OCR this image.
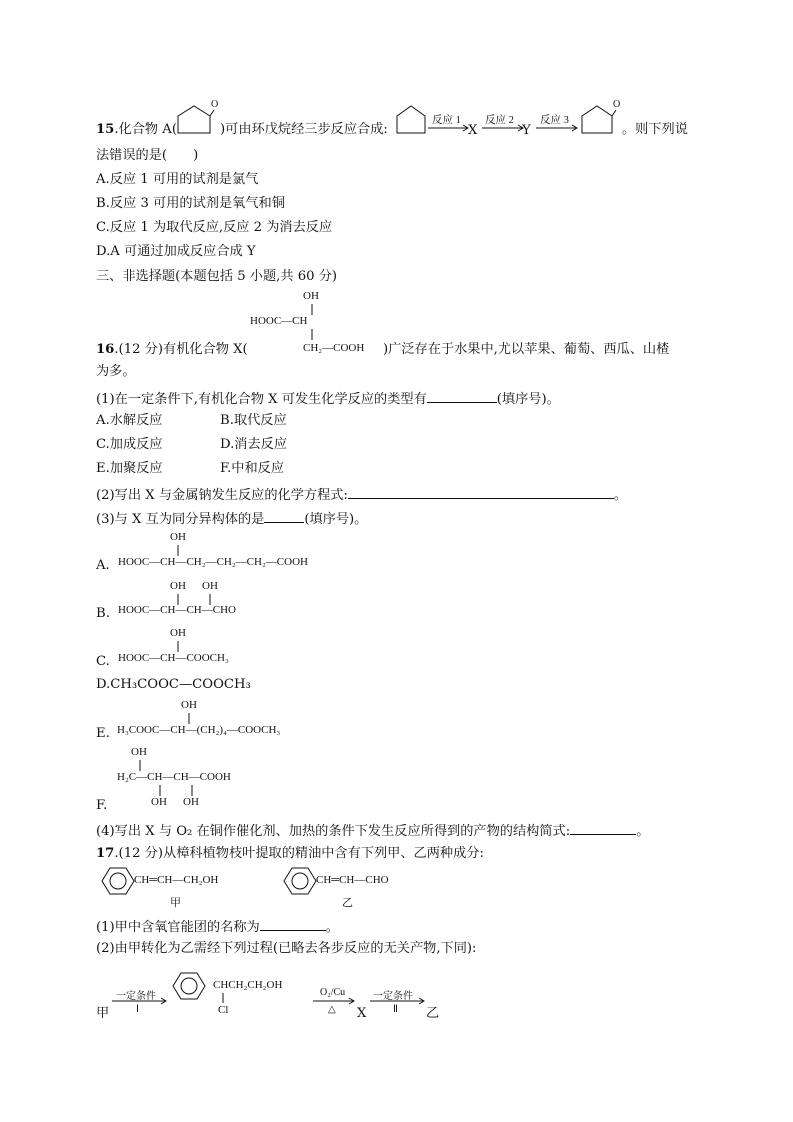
15.化合物 A(
O
)可由环戊烷经三步反应合成:
反应 1
X
反应 2
Y
反应 3
O
。则下列说
法错误的是( )
A.反应 1 可用的试剂是氯气
B.反应 3 可用的试剂是氧气和铜
C.反应 1 为取代反应,反应 2 为消去反应
D.A 可通过加成反应合成 Y
三、非选择题(本题包括 5 小题,共 60 分)
OH
HOOC—CH
16.(12 分)有机化合物 X(	CH₂—COOH )广泛存在于水果中,尤以苹果、葡萄、西瓜、山楂
为多。
(1)在一定条件下,有机化合物 X 可发生化学反应的类型有	(填序号)。
A.水解反应	B.取代反应
C.加成反应	D.消去反应
E.加聚反应	F.中和反应
(2)写出 X 与金属钠发生反应的化学方程式:	。
(3)与 X 互为同分异构体的是	(填序号)。
OH
A. HOOC—CH—CH₂—CH₂—CH₂—COOH
OH OH
B. HOOC—CH—CH—CHO
OH
C. HOOC—CH—COOCH₃
D.CH₃COOC—COOCH₃
OH
E. H₃COOC—CH—(CH₂)₄—COOCH₃
OH
H₂C—CH—CH—COOH
OH OH
F.
(4)写出 X 与 O₂ 在铜作催化剂、加热的条件下发生反应所得到的产物的结构简式:	。
17.(12 分)从樟科植物枝叶提取的精油中含有下列甲、乙两种成分:
CH═CH—CH₂OH
甲
CH═CH—CHO
乙
(1)甲中含氧官能团的名称为	。
(2)由甲转化为乙需经下列过程(已略去各步反应的无关产物,下同):
甲
一定条件
Ⅰ
CHCH₂CH₂OH
Cl
O₂/Cu
△ X
一定条件
Ⅱ 乙
